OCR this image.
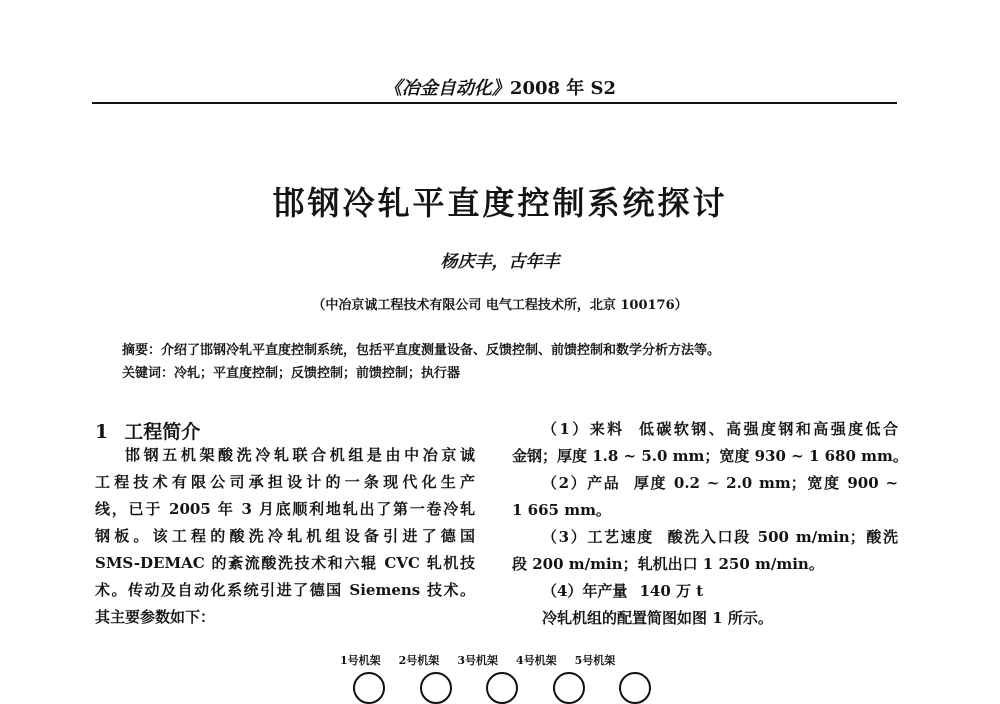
《冶金自动化》2008 年 S2
邯钢冷轧平直度控制系统探讨
杨庆丰，古年丰
（中冶京诚工程技术有限公司 电气工程技术所，北京 100176）
摘要：介绍了邯钢冷轧平直度控制系统，包括平直度测量设备、反馈控制、前馈控制和数学分析方法等。
关键词：冷轧；平直度控制；反馈控制；前馈控制；执行器
1 工程简介
邯钢五机架酸洗冷轧联合机组是由中冶京诚
工程技术有限公司承担设计的一条现代化生产
线，已于 2005 年 3 月底顺利地轧出了第一卷冷轧
钢板。该工程的酸洗冷轧机组设备引进了德国
SMS-DEMAC 的紊流酸洗技术和六辊 CVC 轧机技
术。传动及自动化系统引进了德国 Siemens 技术。
其主要参数如下：
（1）来料 低碳软钢、高强度钢和高强度低合
金钢；厚度 1.8 ~ 5.0 mm；宽度 930 ~ 1 680 mm。
（2）产品 厚度 0.2 ~ 2.0 mm；宽度 900 ~
1 665 mm。
（3）工艺速度 酸洗入口段 500 m/min；酸洗
段 200 m/min；轧机出口 1 250 m/min。
（4）年产量 140 万 t
冷轧机组的配置简图如图 1 所示。
1号机架 2号机架 3号机架 4号机架 5号机架
